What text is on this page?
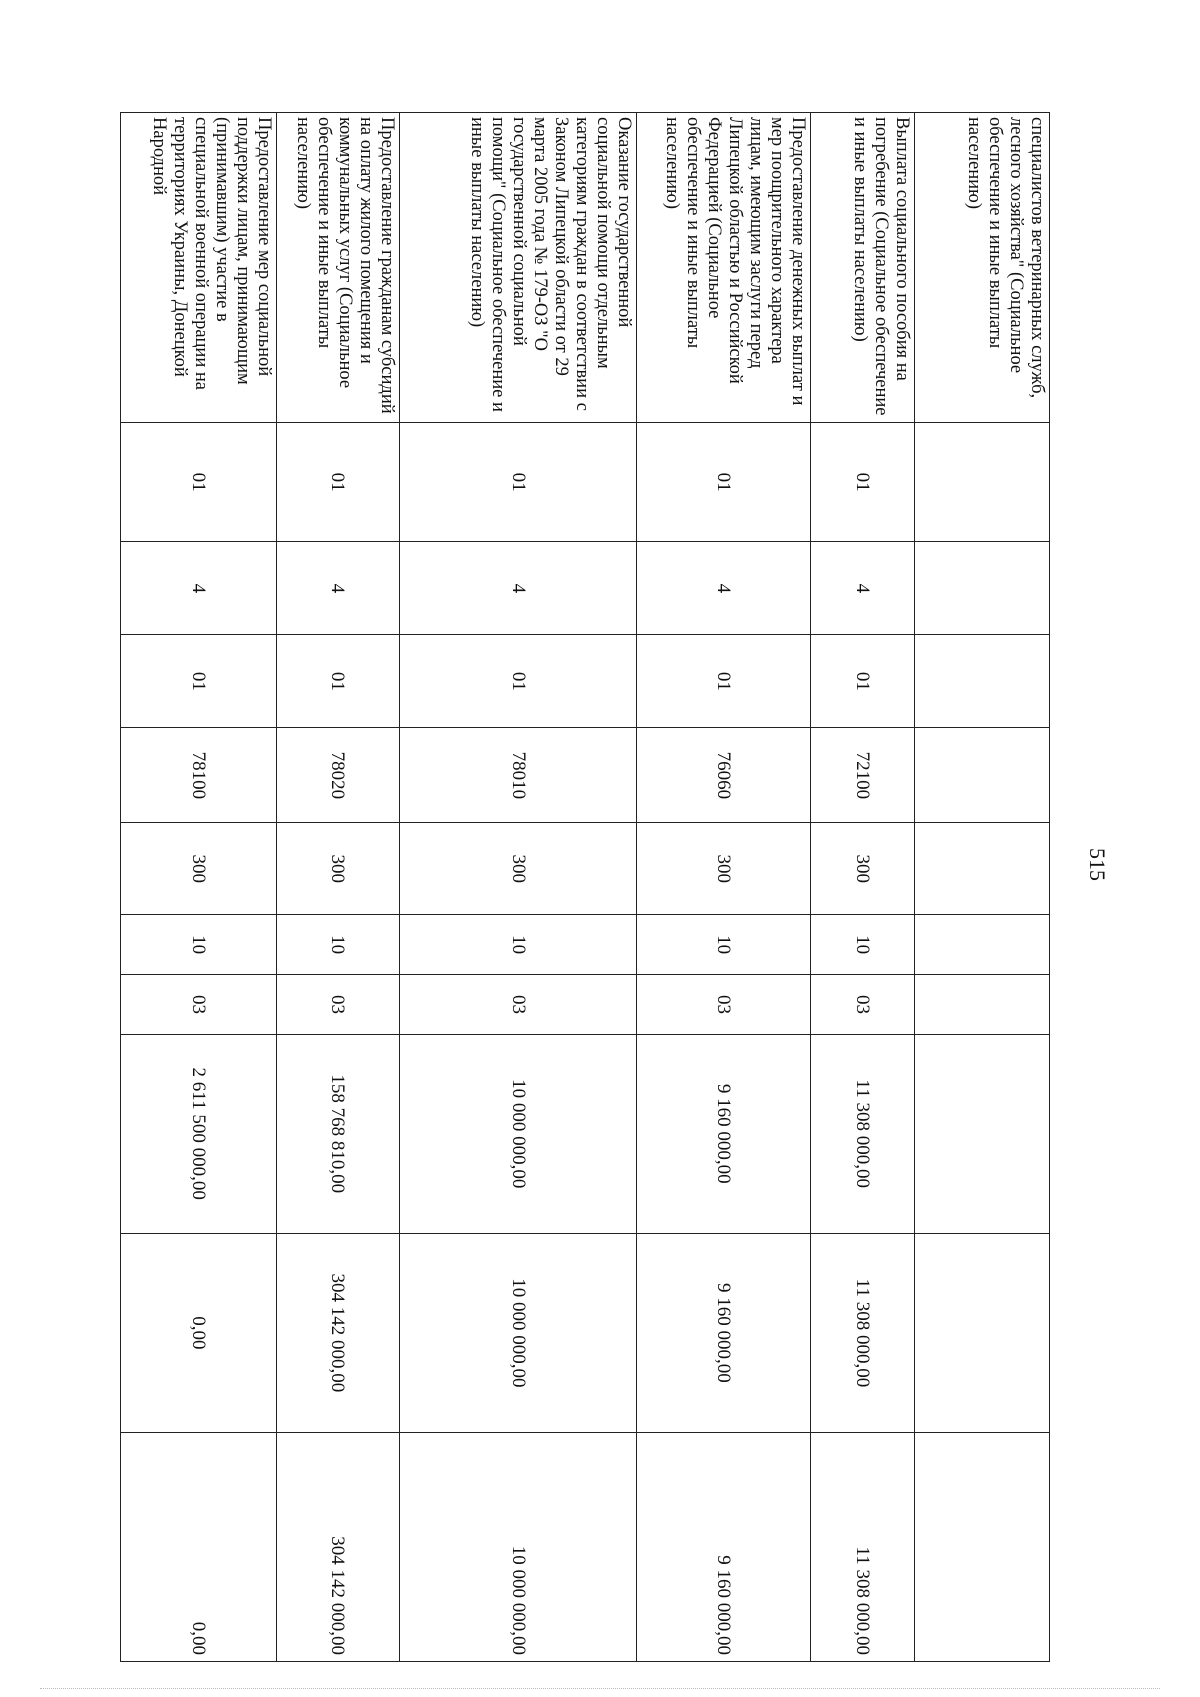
515
специалистов ветеринарных служб, лесного хозяйства" (Социальное обеспечение и иные выплаты населению)										
Выплата социального пособия на погребение (Социальное обеспечение и иные выплаты населению)	01	4	01	72100	300	10	03	11 308 000,00	11 308 000,00	11 308 000,00
Предоставление денежных выплат и мер поощрительного характера лицам, имеющим заслуги перед Липецкой областью и Российской Федерацией (Социальное обеспечение и иные выплаты населению)	01	4	01	76060	300	10	03	9 160 000,00	9 160 000,00	9 160 000,00
Оказание государственной социальной помощи отдельным категориям граждан в соответствии с Законом Липецкой области от 29 марта 2005 года № 179-ОЗ "О государственной социальной помощи" (Социальное обеспечение и иные выплаты населению)	01	4	01	78010	300	10	03	10 000 000,00	10 000 000,00	10 000 000,00
Предоставление гражданам субсидий на оплату жилого помещения и коммунальных услуг (Социальное обеспечение и иные выплаты населению)	01	4	01	78020	300	10	03	158 768 810,00	304 142 000,00	304 142 000,00
Предоставление мер социальной поддержки лицам, принимающим (принимавшим) участие в специальной военной операции на территориях Украины, Донецкой Народной	01	4	01	78100	300	10	03	2 611 500 000,00	0,00	0,00
